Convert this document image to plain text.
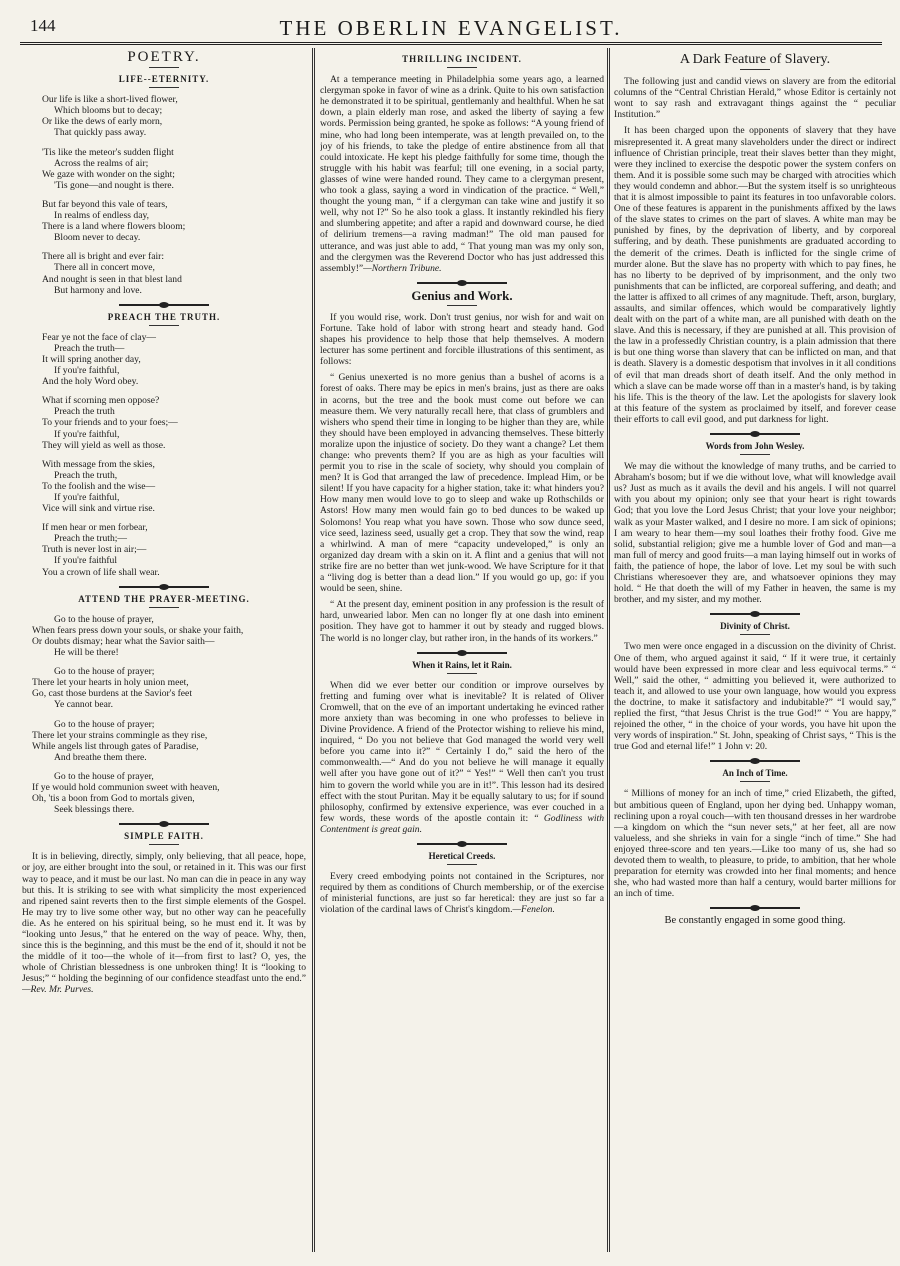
144	THE OBERLIN EVANGELIST.
POETRY.
LIFE--ETERNITY.
Our life is like a short-lived flower,
Which blooms but to decay;
Or like the dews of early morn,
That quickly pass away.
'Tis like the meteor's sudden flight
Across the realms of air;
We gaze with wonder on the sight;
'Tis gone—and nought is there.
But far beyond this vale of tears,
In realms of endless day,
There is a land where flowers bloom;
Bloom never to decay.
There all is bright and ever fair:
There all in concert move,
And nought is seen in that blest land
But harmony and love.
PREACH THE TRUTH.
Fear ye not the face of clay—
Preach the truth—
It will spring another day,
If you're faithful,
And the holy Word obey.
What if scorning men oppose?
Preach the truth
To your friends and to your foes;—
If you're faithful,
They will yield as well as those.
With message from the skies,
Preach the truth,
To the foolish and the wise—
If you're faithful,
Vice will sink and virtue rise.
If men hear or men forbear,
Preach the truth;—
Truth is never lost in air;—
If you're faithful
You a crown of life shall wear.
ATTEND THE PRAYER-MEETING.
Go to the house of prayer,
When fears press down your souls, or shake your faith,
Or doubts dismay; hear what the Savior saith—
He will be there!
Go to the house of prayer;
There let your hearts in holy union meet,
Go, cast those burdens at the Savior's feet
Ye cannot bear.
Go to the house of prayer;
There let your strains commingle as they rise,
While angels list through gates of Paradise,
And breathe them there.
Go to the house of prayer,
If ye would hold communion sweet with heaven,
Oh, 'tis a boon from God to mortals given,
Seek blessings there.
SIMPLE FAITH.

It is in believing, directly, simply, only believing, that all peace, hope, or joy, are either brought into the soul, or retained in it. This was our first way to peace, and it must be our last. No man can die in peace in any way but this. It is striking to see with what simplicity the most experienced and ripened saint reverts then to the first simple elements of the Gospel. He may try to live some other way, but no other way can he peacefully die. As he entered on his spiritual being, so he must end it. It was by “looking unto Jesus,” that he entered on the way of peace. Why, then, since this is the beginning, and this must be the end of it, should it not be the middle of it too—the whole of it—from first to last? O, yes, the whole of Christian blessedness is one unbroken thing! It is “looking to Jesus;” “ holding the beginning of our confidence steadfast unto the end.” —Rev. Mr. Purves.

THRILLING INCIDENT.

At a temperance meeting in Philadelphia some years ago, a learned clergyman spoke in favor of wine as a drink. Quite to his own satisfaction he demonstrated it to be spiritual, gentlemanly and healthful. When he sat down, a plain elderly man rose, and asked the liberty of saying a few words. Permission being granted, he spoke as follows: “A young friend of mine, who had long been intemperate, was at length prevailed on, to the joy of his friends, to take the pledge of entire abstinence from all that could intoxicate. He kept his pledge faithfully for some time, though the struggle with his habit was fearful; till one evening, in a social party, glasses of wine were handed round. They came to a clergyman present, who took a glass, saying a word in vindication of the practice. “ Well,” thought the young man, “ if a clergyman can take wine and justify it so well, why not I?” So he also took a glass. It instantly rekindled his fiery and slumbering appetite; and after a rapid and downward course, he died of delirium tremens—a raving madman!” The old man paused for utterance, and was just able to add, “ That young man was my only son, and the clergymen was the Reverend Doctor who has just addressed this assembly!”—Northern Tribune.

Genius and Work.

If you would rise, work. Don't trust genius, nor wish for and wait on Fortune. Take hold of labor with strong heart and steady hand. God shapes his providence to help those that help themselves. A modern lecturer has some pertinent and forcible illustrations of this sentiment, as follows:

“ Genius unexerted is no more genius than a bushel of acorns is a forest of oaks. There may be epics in men's brains, just as there are oaks in acorns, but the tree and the book must come out before we can measure them. We very naturally recall here, that class of grumblers and wishers who spend their time in longing to be higher than they are, while they should have been employed in advancing themselves. These bitterly moralize upon the injustice of society. Do they want a change? Let them change: who prevents them? If you are as high as your faculties will permit you to rise in the scale of society, why should you complain of men? It is God that arranged the law of precedence. Implead Him, or be silent! If you have capacity for a higher station, take it: what hinders you? How many men would love to go to sleep and wake up Rothschilds or Astors! How many men would fain go to bed dunces to be waked up Solomons! You reap what you have sown. Those who sow dunce seed, vice seed, laziness seed, usually get a crop. They that sow the wind, reap a whirlwind. A man of mere “capacity undeveloped,” is only an organized day dream with a skin on it. A flint and a genius that will not strike fire are no better than wet junk-wood. We have Scripture for it that a “living dog is better than a dead lion.” If you would go up, go: if you would be seen, shine.

“ At the present day, eminent position in any profession is the result of hard, unwearied labor. Men can no longer fly at one dash into eminent position. They have got to hammer it out by steady and rugged blows. The world is no longer clay, but rather iron, in the hands of its workers.”

When it Rains, let it Rain.

When did we ever better our condition or improve ourselves by fretting and fuming over what is inevitable? It is related of Oliver Cromwell, that on the eve of an important undertaking he evinced rather more anxiety than was becoming in one who professes to believe in Divine Providence. A friend of the Protector wishing to relieve his mind, inquired, “ Do you not believe that God managed the world very well before you came into it?” “ Certainly I do,” said the hero of the commonwealth.—“ And do you not believe he will manage it equally well after you have gone out of it?” “ Yes!” “ Well then can't you trust him to govern the world while you are in it!”. This lesson had its desired effect with the stout Puritan. May it be equally salutary to us; for if sound philosophy, confirmed by extensive experience, was ever couched in a few words, these words of the apostle contain it: “ Godliness with Contentment is great gain.

Heretical Creeds.

Every creed embodying points not contained in the Scriptures, nor required by them as conditions of Church membership, or of the exercise of ministerial functions, are just so far heretical: they are just so far a violation of the cardinal laws of Christ's kingdom.—Fenelon.

A Dark Feature of Slavery.

The following just and candid views on slavery are from the editorial columns of the “Central Christian Herald,” whose Editor is certainly not wont to say rash and extravagant things against the “ peculiar Institution.”

It has been charged upon the opponents of slavery that they have misrepresented it. A great many slaveholders under the direct or indirect influence of Christian principle, treat their slaves better than they might, were they inclined to exercise the despotic power the system confers on them. And it is possible some such may be charged with atrocities which they would condemn and abhor.—But the system itself is so unrighteous that it is almost impossible to paint its features in too unfavorable colors. One of these features is apparent in the punishments affixed by the laws of the slave states to crimes on the part of slaves. A white man may be punished by fines, by the deprivation of liberty, and by corporeal suffering, and by death. These punishments are graduated according to the demerit of the crimes. Death is inflicted for the single crime of murder alone. But the slave has no property with which to pay fines, he has no liberty to be deprived of by imprisonment, and the only two punishments that can be inflicted, are corporeal suffering, and death; and the latter is affixed to all crimes of any magnitude. Theft, arson, burglary, assaults, and similar offences, which would be comparatively lightly dealt with on the part of a white man, are all punished with death on the slave. And this is necessary, if they are punished at all. This provision of the law in a professedly Christian country, is a plain admission that there is but one thing worse than slavery that can be inflicted on man, and that is death. Slavery is a domestic despotism that involves in it all conditions of evil that man dreads short of death itself. And the only method in which a slave can be made worse off than in a master's hand, is by taking his life. This is the theory of the law. Let the apologists for slavery look at this feature of the system as proclaimed by itself, and forever cease their efforts to call evil good, and put darkness for light.

Words from John Wesley.

We may die without the knowledge of many truths, and be carried to Abraham's bosom; but if we die without love, what will knowledge avail us? Just as much as it avails the devil and his angels. I will not quarrel with you about my opinion; only see that your heart is right towards God; that you love the Lord Jesus Christ; that your love your neighbor; walk as your Master walked, and I desire no more. I am sick of opinions; I am weary to hear them—my soul loathes their frothy food. Give me solid, substantial religion; give me a humble lover of God and man—a man full of mercy and good fruits—a man laying himself out in works of faith, the patience of hope, the labor of love. Let my soul be with such Christians wheresoever they are, and whatsoever opinions they may hold. “ He that doeth the will of my Father in heaven, the same is my brother, and my sister, and my mother.

Divinity of Christ.

Two men were once engaged in a discussion on the divinity of Christ. One of them, who argued against it said, “ If it were true, it certainly would have been expressed in more clear and less equivocal terms.” “ Well,” said the other, “ admitting you believed it, were authorized to teach it, and allowed to use your own language, how would you express the doctrine, to make it satisfactory and indubitable?” “I would say,” replied the first, “that Jesus Christ is the true God!” “ You are happy,” rejoined the other, “ in the choice of your words, you have hit upon the very words of inspiration.” St. John, speaking of Christ says, “ This is the true God and eternal life!” 1 John v: 20.

An Inch of Time.

“ Millions of money for an inch of time,” cried Elizabeth, the gifted, but ambitious queen of England, upon her dying bed. Unhappy woman, reclining upon a royal couch—with ten thousand dresses in her wardrobe—a kingdom on which the “sun never sets,” at her feet, all are now valueless, and she shrieks in vain for a single “inch of time.” She had enjoyed three-score and ten years.—Like too many of us, she had so devoted them to wealth, to pleasure, to pride, to ambition, that her whole preparation for eternity was crowded into her final moments; and hence she, who had wasted more than half a century, would barter millions for an inch of time.

Be constantly engaged in some good thing.
